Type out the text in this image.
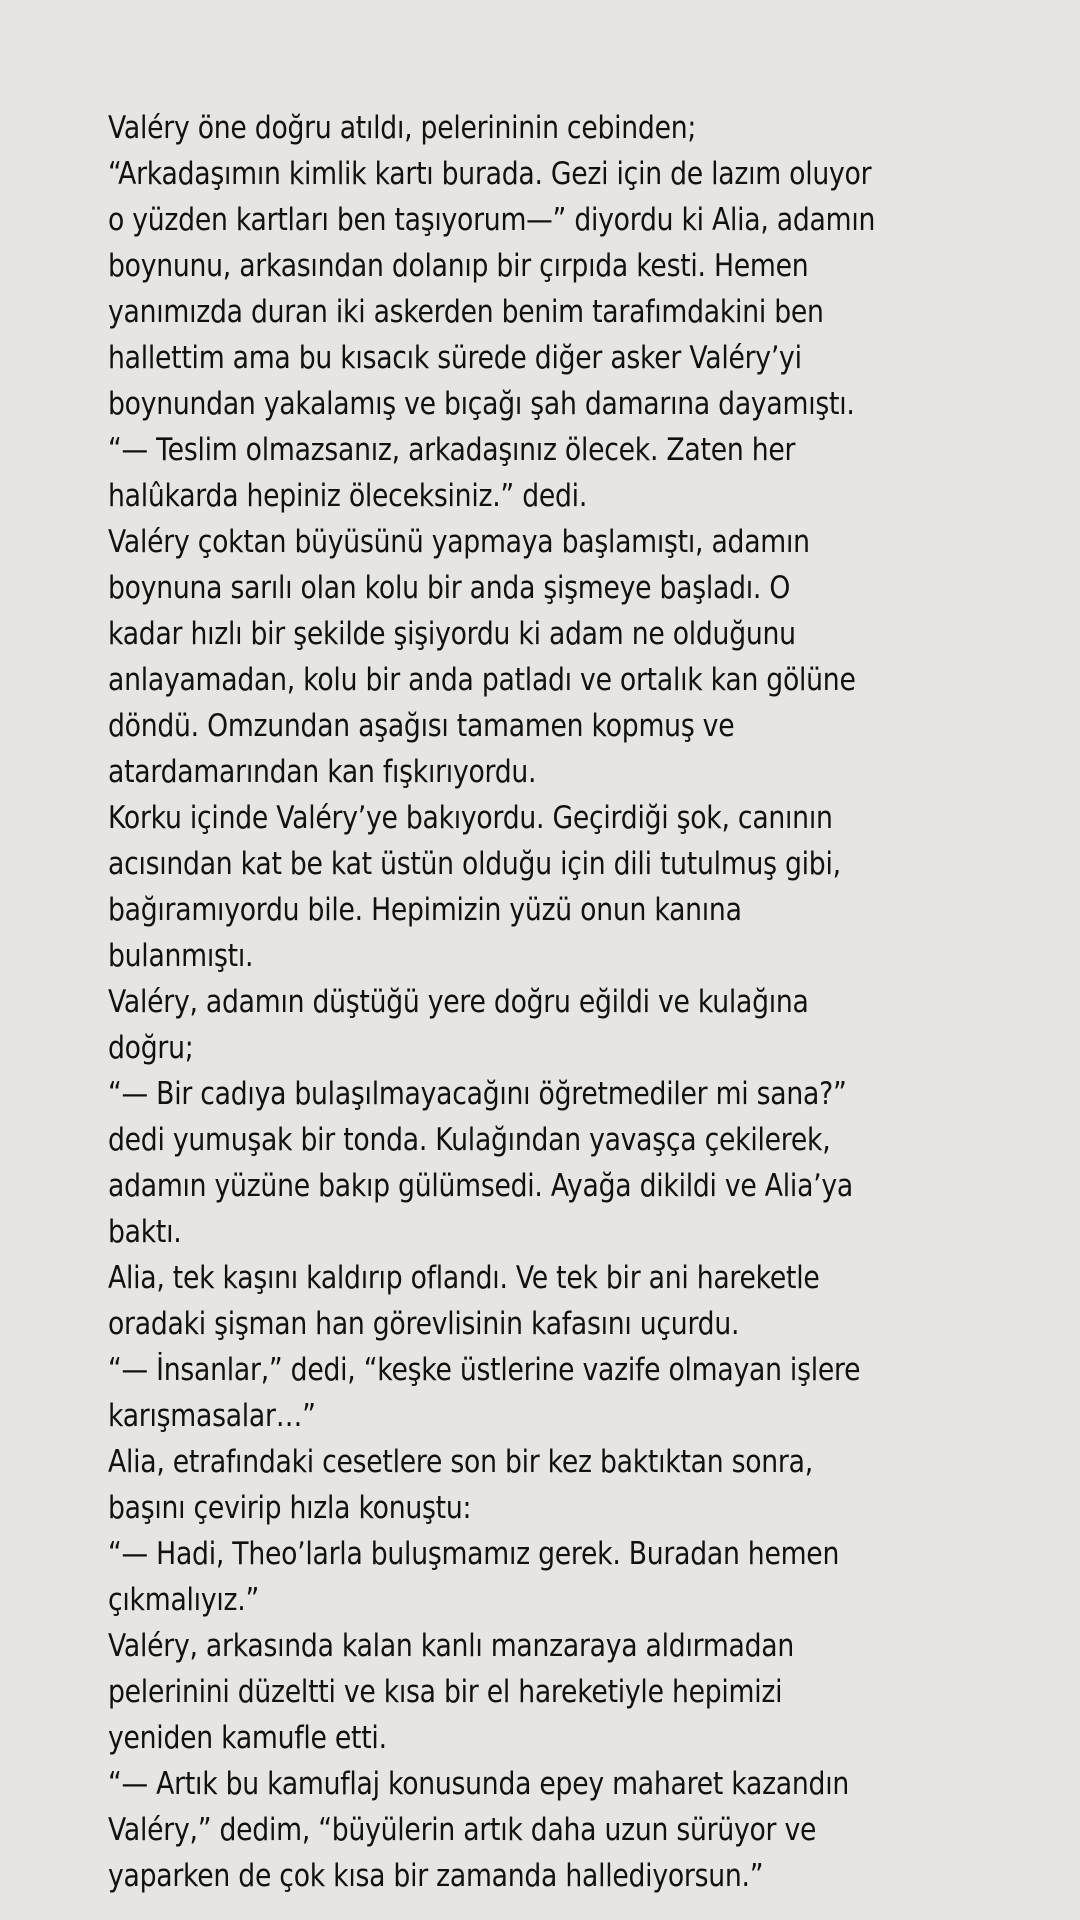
Valéry öne doğru atıldı, pelerininin cebinden;
“Arkadaşımın kimlik kartı burada. Gezi için de lazım oluyor
o yüzden kartları ben taşıyorum—” diyordu ki Alia, adamın
boynunu, arkasından dolanıp bir çırpıda kesti. Hemen
yanımızda duran iki askerden benim tarafımdakini ben
hallettim ama bu kısacık sürede diğer asker Valéry’yi
boynundan yakalamış ve bıçağı şah damarına dayamıştı.
“— Teslim olmazsanız, arkadaşınız ölecek. Zaten her
halûkarda hepiniz öleceksiniz.” dedi.
Valéry çoktan büyüsünü yapmaya başlamıştı, adamın
boynuna sarılı olan kolu bir anda şişmeye başladı. O
kadar hızlı bir şekilde şişiyordu ki adam ne olduğunu
anlayamadan, kolu bir anda patladı ve ortalık kan gölüne
döndü. Omzundan aşağısı tamamen kopmuş ve
atardamarından kan fışkırıyordu.
Korku içinde Valéry’ye bakıyordu. Geçirdiği şok, canının
acısından kat be kat üstün olduğu için dili tutulmuş gibi,
bağıramıyordu bile. Hepimizin yüzü onun kanına
bulanmıştı.
Valéry, adamın düştüğü yere doğru eğildi ve kulağına
doğru;
“— Bir cadıya bulaşılmayacağını öğretmediler mi sana?”
dedi yumuşak bir tonda. Kulağından yavaşça çekilerek,
adamın yüzüne bakıp gülümsedi. Ayağa dikildi ve Alia’ya
baktı.
Alia, tek kaşını kaldırıp oflandı. Ve tek bir ani hareketle
oradaki şişman han görevlisinin kafasını uçurdu.
“— İnsanlar,” dedi, “keşke üstlerine vazife olmayan işlere
karışmasalar…”
Alia, etrafındaki cesetlere son bir kez baktıktan sonra,
başını çevirip hızla konuştu:
“— Hadi, Theo’larla buluşmamız gerek. Buradan hemen
çıkmalıyız.”
Valéry, arkasında kalan kanlı manzaraya aldırmadan
pelerinini düzeltti ve kısa bir el hareketiyle hepimizi
yeniden kamufle etti.
“— Artık bu kamuflaj konusunda epey maharet kazandın
Valéry,” dedim, “büyülerin artık daha uzun sürüyor ve
yaparken de çok kısa bir zamanda hallediyorsun.”
